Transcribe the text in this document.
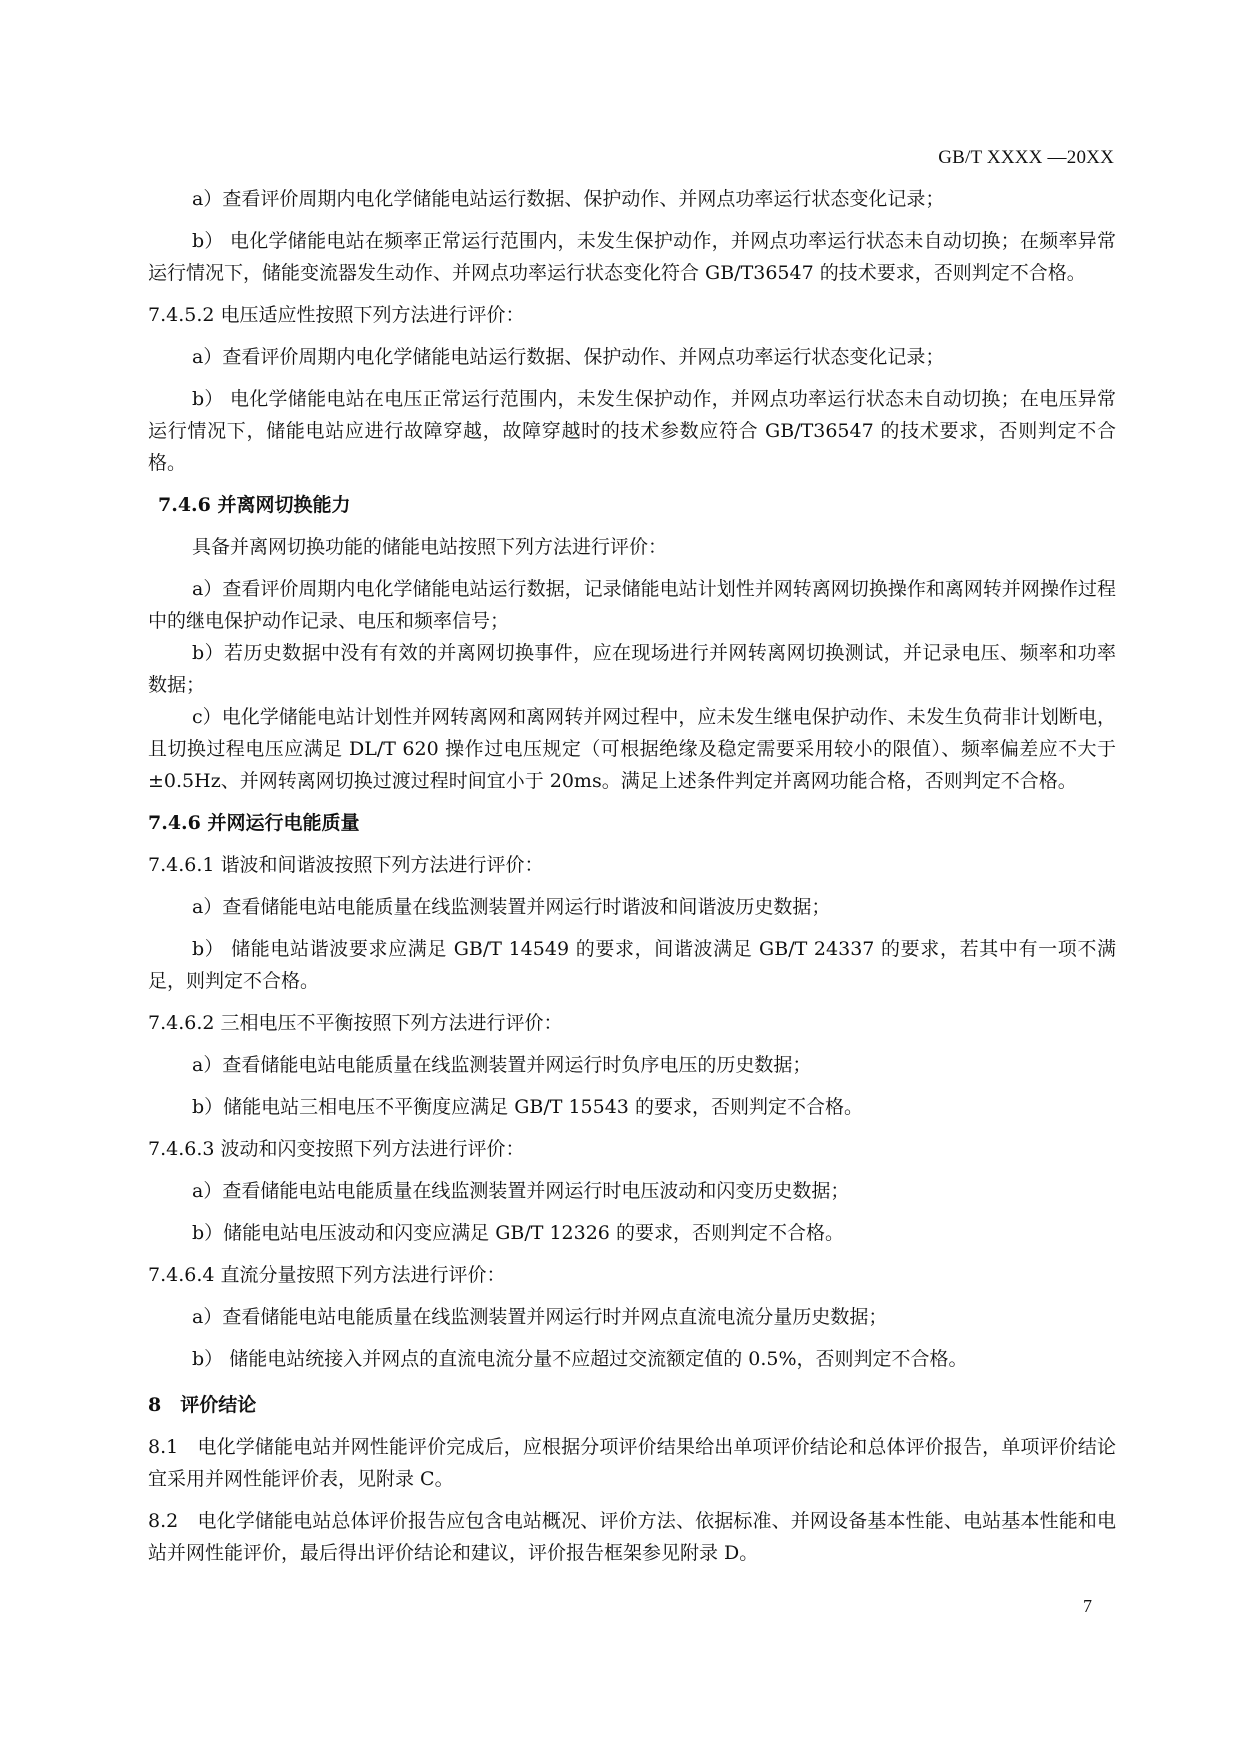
GB/T XXXX —20XX

a）查看评价周期内电化学储能电站运行数据、保护动作、并网点功率运行状态变化记录；

b） 电化学储能电站在频率正常运行范围内，未发生保护动作，并网点功率运行状态未自动切换；在频率异常运行情况下，储能变流器发生动作、并网点功率运行状态变化符合 GB/T36547 的技术要求，否则判定不合格。

7.4.5.2 电压适应性按照下列方法进行评价：

a）查看评价周期内电化学储能电站运行数据、保护动作、并网点功率运行状态变化记录；

b） 电化学储能电站在电压正常运行范围内，未发生保护动作，并网点功率运行状态未自动切换；在电压异常运行情况下，储能电站应进行故障穿越，故障穿越时的技术参数应符合 GB/T36547 的技术要求，否则判定不合格。

7.4.6 并离网切换能力

具备并离网切换功能的储能电站按照下列方法进行评价：

a）查看评价周期内电化学储能电站运行数据，记录储能电站计划性并网转离网切换操作和离网转并网操作过程中的继电保护动作记录、电压和频率信号；

b）若历史数据中没有有效的并离网切换事件，应在现场进行并网转离网切换测试，并记录电压、频率和功率数据；

c）电化学储能电站计划性并网转离网和离网转并网过程中，应未发生继电保护动作、未发生负荷非计划断电，且切换过程电压应满足 DL/T 620 操作过电压规定（可根据绝缘及稳定需要采用较小的限值）、频率偏差应不大于±0.5Hz、并网转离网切换过渡过程时间宜小于 20ms。满足上述条件判定并离网功能合格，否则判定不合格。

7.4.6 并网运行电能质量

7.4.6.1 谐波和间谐波按照下列方法进行评价：

a）查看储能电站电能质量在线监测装置并网运行时谐波和间谐波历史数据；

b） 储能电站谐波要求应满足 GB/T 14549 的要求，间谐波满足 GB/T 24337 的要求，若其中有一项不满足，则判定不合格。

7.4.6.2 三相电压不平衡按照下列方法进行评价：

a）查看储能电站电能质量在线监测装置并网运行时负序电压的历史数据；

b）储能电站三相电压不平衡度应满足 GB/T 15543 的要求，否则判定不合格。

7.4.6.3 波动和闪变按照下列方法进行评价：

a）查看储能电站电能质量在线监测装置并网运行时电压波动和闪变历史数据；

b）储能电站电压波动和闪变应满足 GB/T 12326 的要求，否则判定不合格。

7.4.6.4 直流分量按照下列方法进行评价：

a）查看储能电站电能质量在线监测装置并网运行时并网点直流电流分量历史数据；

b） 储能电站统接入并网点的直流电流分量不应超过交流额定值的 0.5%，否则判定不合格。

8　评价结论

8.1　电化学储能电站并网性能评价完成后，应根据分项评价结果给出单项评价结论和总体评价报告，单项评价结论宜采用并网性能评价表，见附录 C。

8.2　电化学储能电站总体评价报告应包含电站概况、评价方法、依据标准、并网设备基本性能、电站基本性能和电站并网性能评价，最后得出评价结论和建议，评价报告框架参见附录 D。

7
